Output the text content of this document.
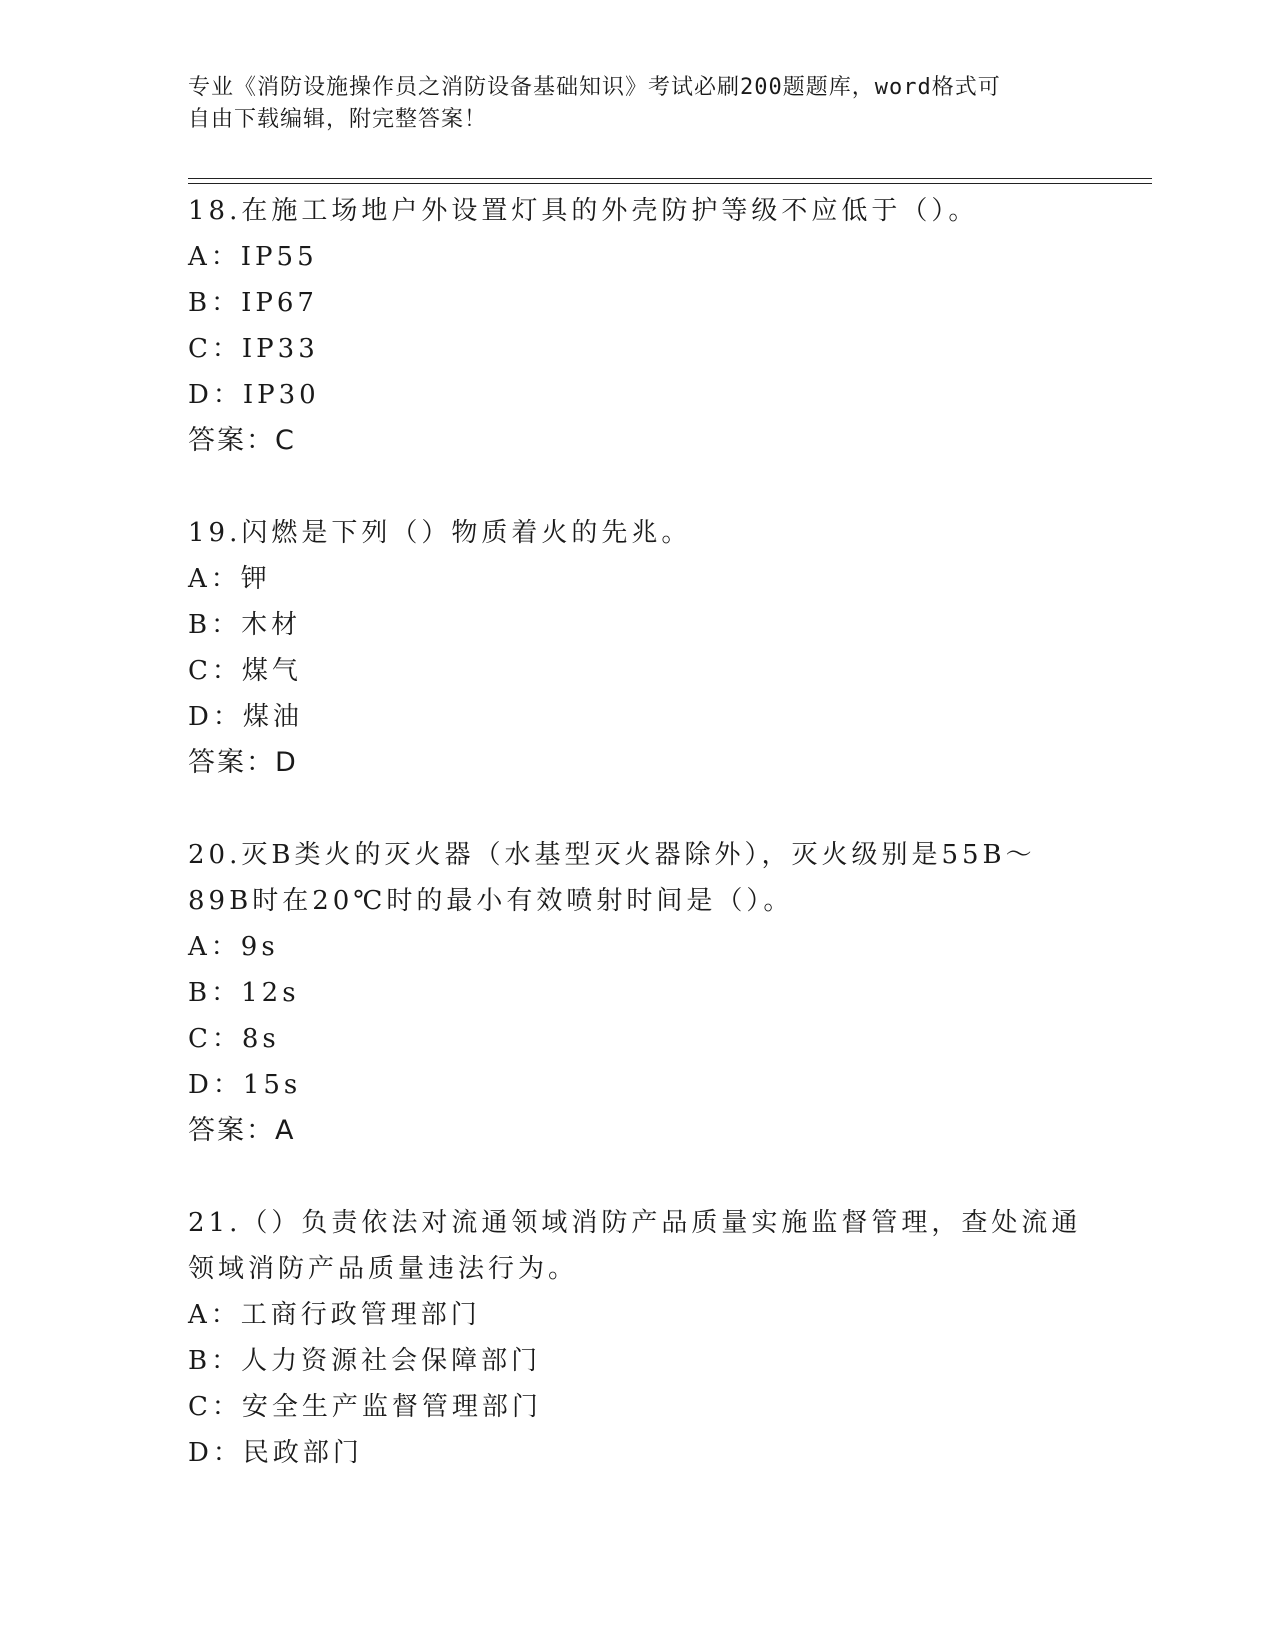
专业《消防设施操作员之消防设备基础知识》考试必刷200题题库，word格式可

自由下载编辑，附完整答案！

18.在施工场地户外设置灯具的外壳防护等级不应低于（）。

A：IP55

B：IP67

C：IP33

D：IP30

答案：C

19.闪燃是下列（）物质着火的先兆。

A：钾

B：木材

C：煤气

D：煤油

答案：D

20.灭B类火的灭火器（水基型灭火器除外），灭火级别是55B～89B时在20℃时的最小有效喷射时间是（）。

A：9s

B：12s

C：8s

D：15s

答案：A

21.（）负责依法对流通领域消防产品质量实施监督管理，查处流通领域消防产品质量违法行为。

A：工商行政管理部门

B：人力资源社会保障部门

C：安全生产监督管理部门

D：民政部门
